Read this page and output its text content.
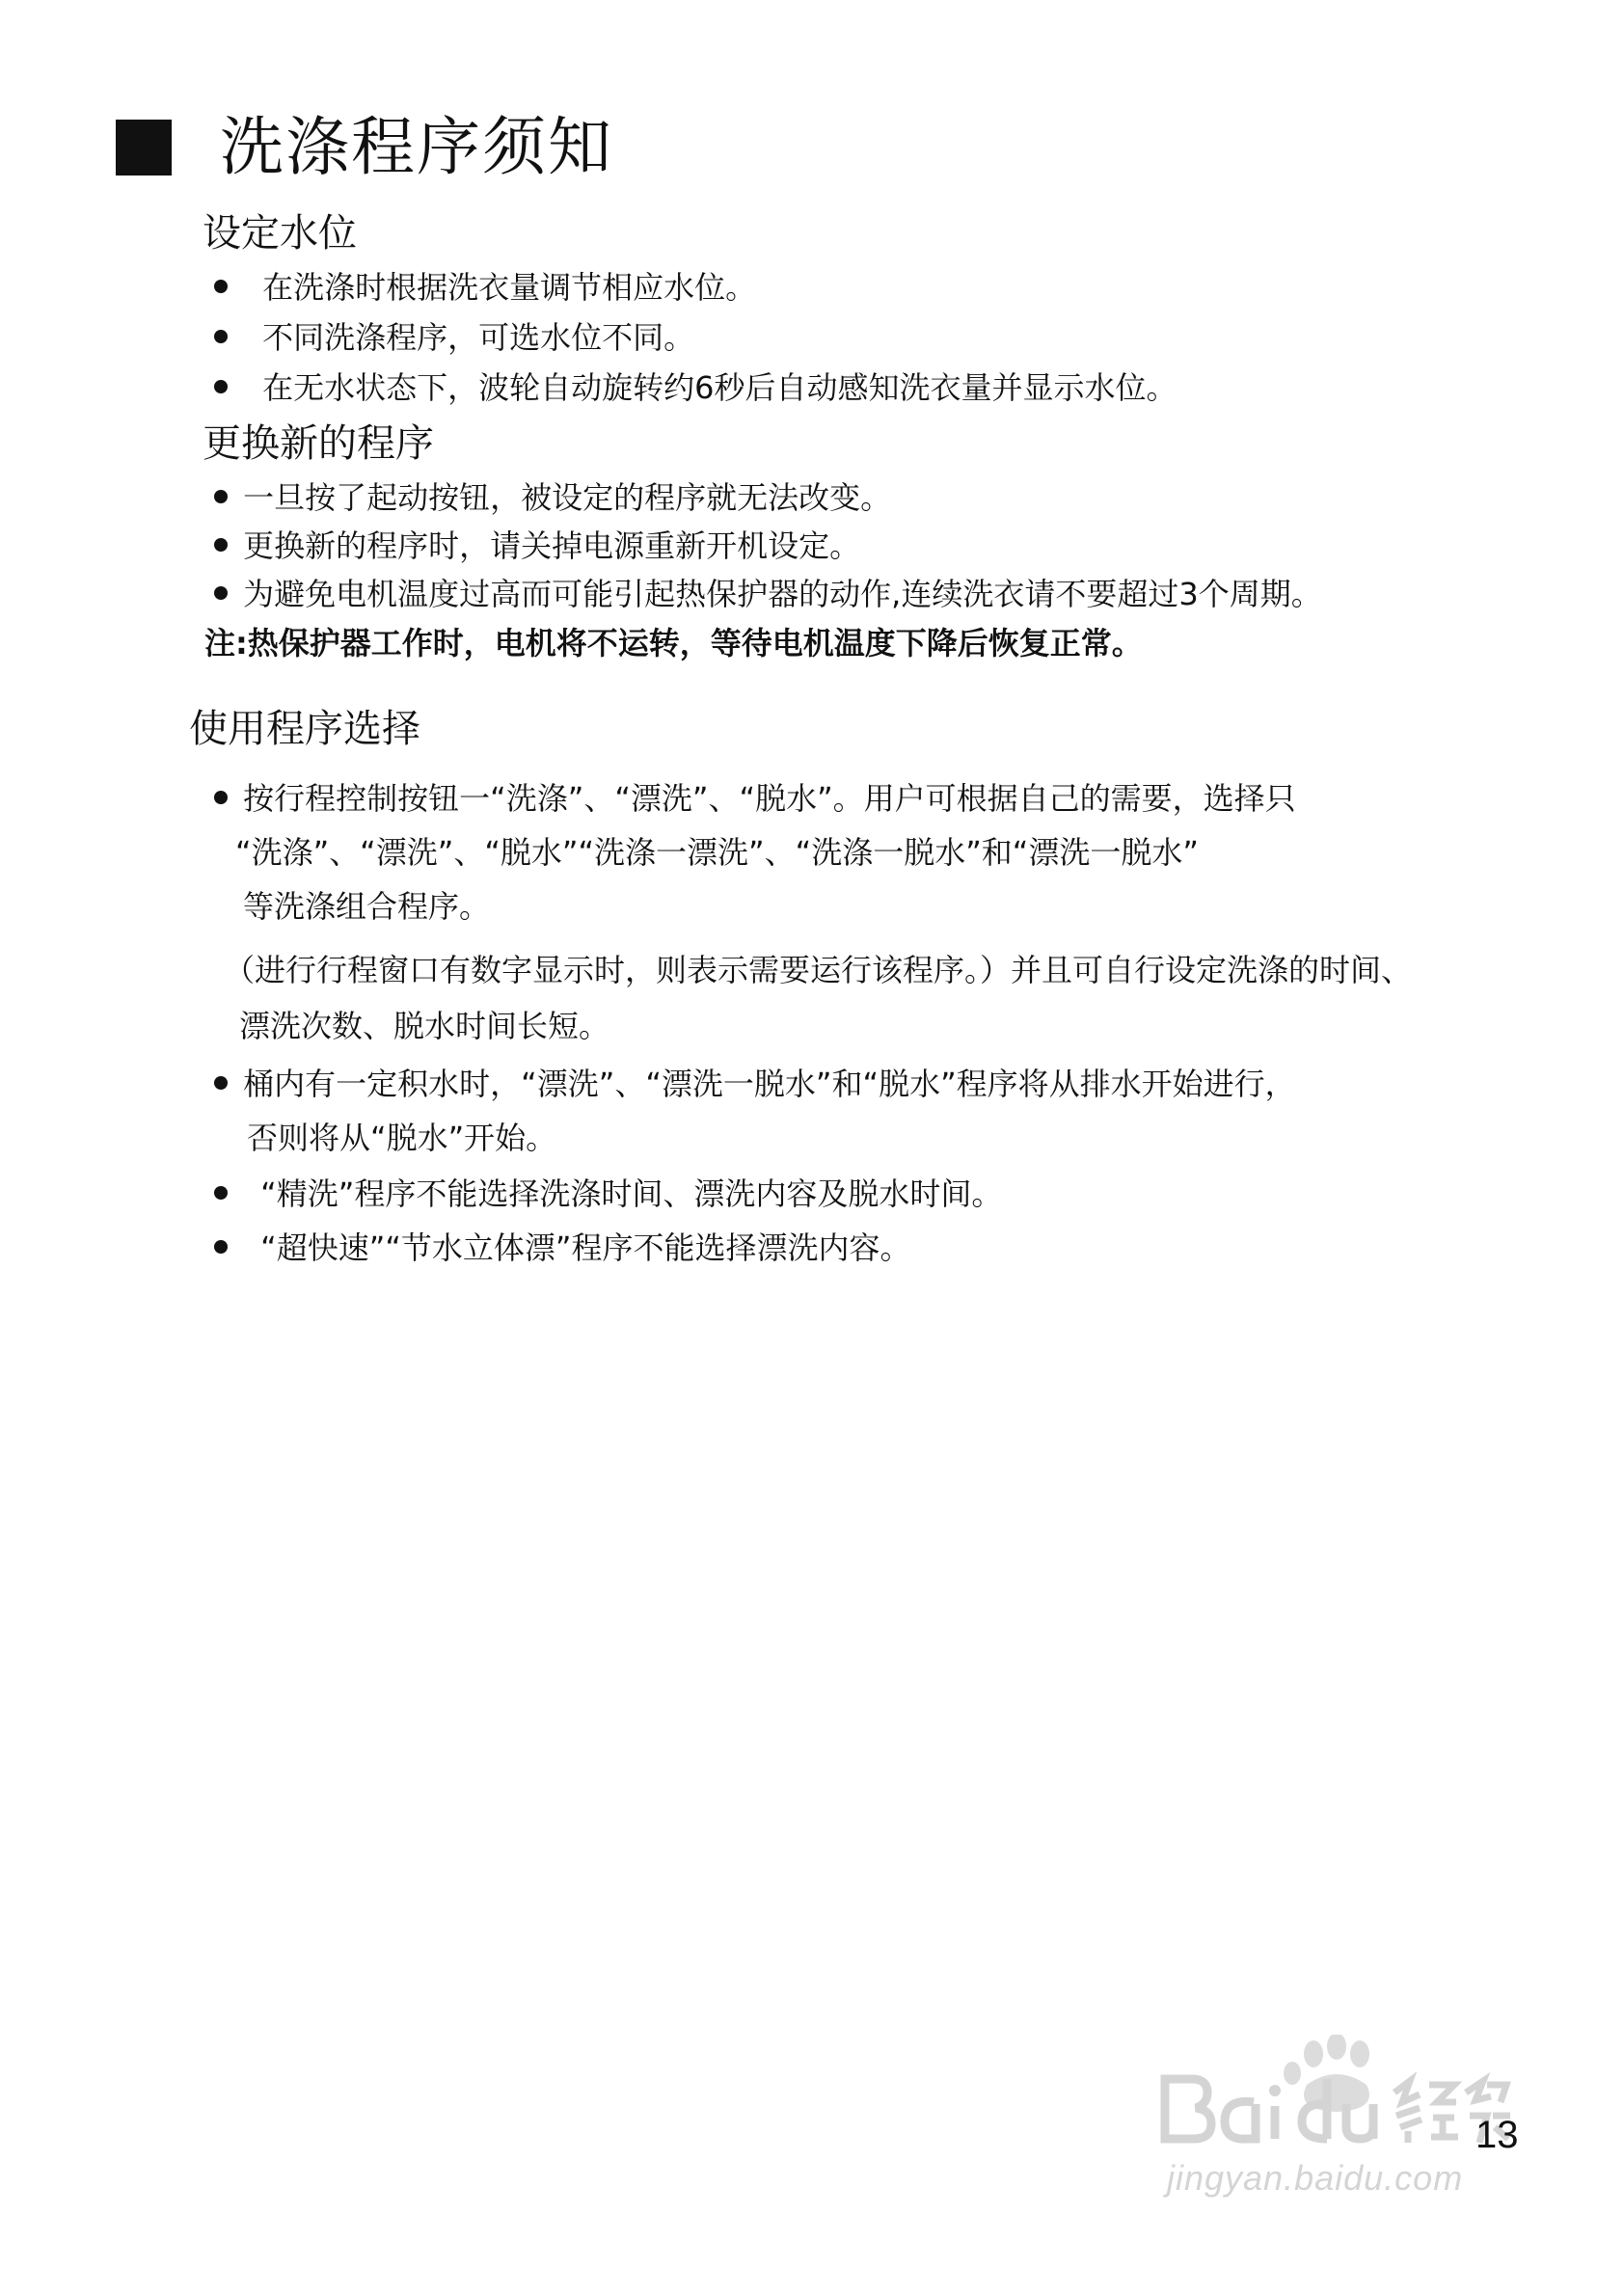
洗涤程序须知
设定水位
在洗涤时根据洗衣量调节相应水位。
不同洗涤程序，可选水位不同。
在无水状态下，波轮自动旋转约6秒后自动感知洗衣量并显示水位。
更换新的程序
一旦按了起动按钮，被设定的程序就无法改变。
更换新的程序时，请关掉电源重新开机设定。
为避免电机温度过高而可能引起热保护器的动作,连续洗衣请不要超过3个周期。
注:热保护器工作时，电机将不运转，等待电机温度下降后恢复正常。
使用程序选择
按行程控制按钮一“洗涤”、“漂洗”、“脱水”。用户可根据自己的需要，选择只
“洗涤”、“漂洗”、“脱水”“洗涤一漂洗”、“洗涤一脱水”和“漂洗一脱水”
等洗涤组合程序。
（进行行程窗口有数字显示时，则表示需要运行该程序。）并且可自行设定洗涤的时间、
漂洗次数、脱水时间长短。
桶内有一定积水时，“漂洗”、“漂洗一脱水”和“脱水”程序将从排水开始进行，
否则将从“脱水”开始。
“精洗”程序不能选择洗涤时间、漂洗内容及脱水时间。
“超快速”“节水立体漂”程序不能选择漂洗内容。
jingyan.baidu.com
13
